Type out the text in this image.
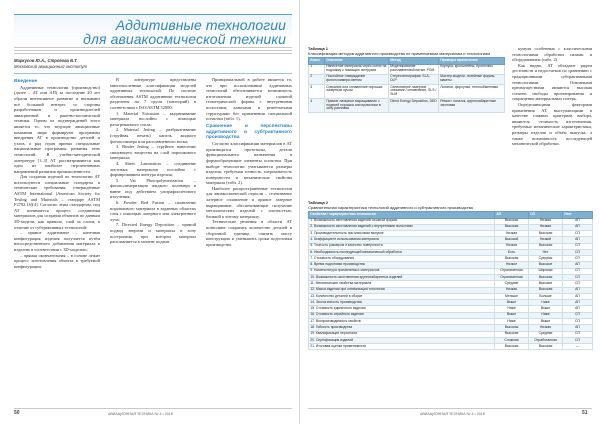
Аддитивные технологии
для авиакосмической техники
Маркусов Ю.А., Строгова Б.Т.
Московский авиационный институт

Введение

Аддитивные технологии (производство) (далее – АТ или АП) за последние 20 лет обрели интенсивное развитие и вызывают всё больший интерес со стороны разработчиков и производителей авиационной и ракетно-космической техники. Одним из подтверждений этого является то, что ведущие авиационные компании мира формируют программы внедрения АТ в производство деталей и узлов, а ряд стран принял специальные национальные программы развития этих технологий. В учебно-методической литературе [1–3] АТ рассматриваются как одно из наиболее перспективных направлений развития промышленности.

Для создания изделий по технологии АТ используются специальные стандарты и технические требования, утверждённые ASTM International (American Society for Testing and Materials – стандарт ASTM F2792.1S)[4]. Согласно этим стандартам, под АТ понимается процесс соединения материалов для создания объектов по данным 3D-модели, как правило, слой за слоем, в отличие от субтрактивных технологий:

– прямое аддитивное – конечная конфигурация изделия получается путём непосредственного добавления материала к изделию в соответствии с 3D-моделью;

– прямая окончательная – в основе лежит процесс изготовления объекта в требуемой конфигурации.

В литературе представлены многочисленные классификации моделей аддитивных технологий. По системе обозначения ASTM аддитивные технологии разделены на 7 групп (категорий) в соответствии с ISO/ASTM 52900:

1. Material Extrusion – выдавливание материала послойно с помощью разогреваемого сопла;

2. Material Jetting – разбрызгивание (струйная печать) капель жидкого фотополимера или расплавленного воска;

3. Binder Jetting – струйное нанесение связующего вещества на слой порошкового материала;

4. Sheet Lamination – соединение листовых материалов послойно с формированием контура изделия;

5. Vat Photopolymerization – фотополимеризация жидкого полимера в ванне под действием ультрафиолетового излучения;

6. Powder Bed Fusion – сплавление порошкового материала в заданных областях слоя с помощью лазерного или электронного луча;

7. Directed Energy Deposition – прямой подвод энергии и материала в зону построения, при котором материал расплавляется в момент подачи.

Принципиальной в работе является то, что при использовании аддитивных технологий обеспечивается возможность изготовления изделий сложной геометрической формы с внутренними полостями, каналами и решётчатыми структурами без применения специальной оснастки (табл. 1).

Сравнение и перспективы аддитивного и субтрактивного производства

Согласно классификации материалов в АТ производятся прототипы, детали функционального назначения и формообразующие элементы оснастки. При выборе технологии учитываются размеры изделия, требуемая точность, шероховатость поверхности и механические свойства материала (табл. 2).

Наиболее распространённые технологии для авиакосмической отрасли – селективное лазерное сплавление и прямое лазерное выращивание, обеспечивающие получение металлических изделий с плотностью, близкой к литому материалу.

Технические решения в области АТ позволяют сократить количество деталей в сборочной единице, снизить массу конструкции и уменьшить сроки подготовки производства.

50	АВИАЦИОННАЯ ТЕХНИКА № 4 • 2018
Таблица 1
Классификация методов аддитивного производства по применяемым материалам и технологиям
Класс	Описание	Метод	Примеры применения
1	Нанесение материала через сопло на подложку с помощью экструзии	Моделирование расплавленной нитью, FDM	Корпуса, кронштейны, прототипы
2	Послойное отверждение фотополимера светом	Стереолитография, SLA, DLP	Мастер-модели, литейные формы, макеты
3	Спекание или сплавление порошка лазерным лучом	Селективное лазерное спекание / сплавление, SLS / SLM	Лопатки, форсунки, теплообменники
4	Прямое лазерное выращивание с подачей порошка или проволоки в зону расплава	Direct Energy Deposition, DED	Ремонт лопаток, крупногабаритные заготовки

кумуля особенных с классическими технологиями обработки силами и оборудованием (табл. 2).

Как видно, АТ обладают рядом достоинств и недостатков по сравнению с традиционными субтрактивными технологиями. Основными преимуществами являются высокая степень свободы проектирования и сокращение материальных потерь.

Определяющими факторами применения АТ, выступающими в качестве главных критериев выбора, являются: стоимость изготовления, требуемые механические характеристики, размеры изделия и объём выпуска, а также возможность последующей механической обработки.

Таблица 2
Сравнительная характеристика технологий аддитивного и субтрактивного производства
Свойства / характеристики технологии	АП	СП	Итог
1. Возможность изготовления изделий сложной формы	Высокая	Низкая	АП
2. Возможность изготовления изделий с внутренними полостями	Высокая	Низкая	АП
3. Производительность при массовом выпуске	Низкая	Высокая	СП
4. Коэффициент использования материала	Высокий	Низкий	АП
5. Точность размеров и качество поверхности	Низкая	Высокая	СП
6. Необходимость последующей механической обработки	Есть	Нет	СП
7. Стоимость оборудования	Высокая	Средняя	СП
8. Время подготовки производства	Низкое	Высокое	АП
9. Номенклатура применяемых материалов	Ограниченная	Широкая	СП
10. Возможность изготовления крупногабаритных изделий	Ограниченная	Высокая	СП
11. Механические свойства материала	Средние	Высокие	СП
12. Масса изделия при оптимизации топологии	Низкая	Высокая	АП
13. Количество деталей в сборке	Меньше	Больше	АП
14. Экологичность производства	Выше	Ниже	АП
15. Стоимость единичного изделия	Ниже	Выше	АП
16. Стоимость серийного изделия	Выше	Ниже	СП
17. Воспроизводимость свойств	Ниже	Выше	СП
18. Гибкость производства	Высокая	Низкая	АП
19. Квалификация персонала	Высокая	Средняя	СП
20. Сертификация изделий	Сложная	Отработанная	СП
21. Итоговая оценка применимости	Высокая	Высокая	—
АВИАЦИОННАЯ ТЕХНИКА № 4 • 2018	51
